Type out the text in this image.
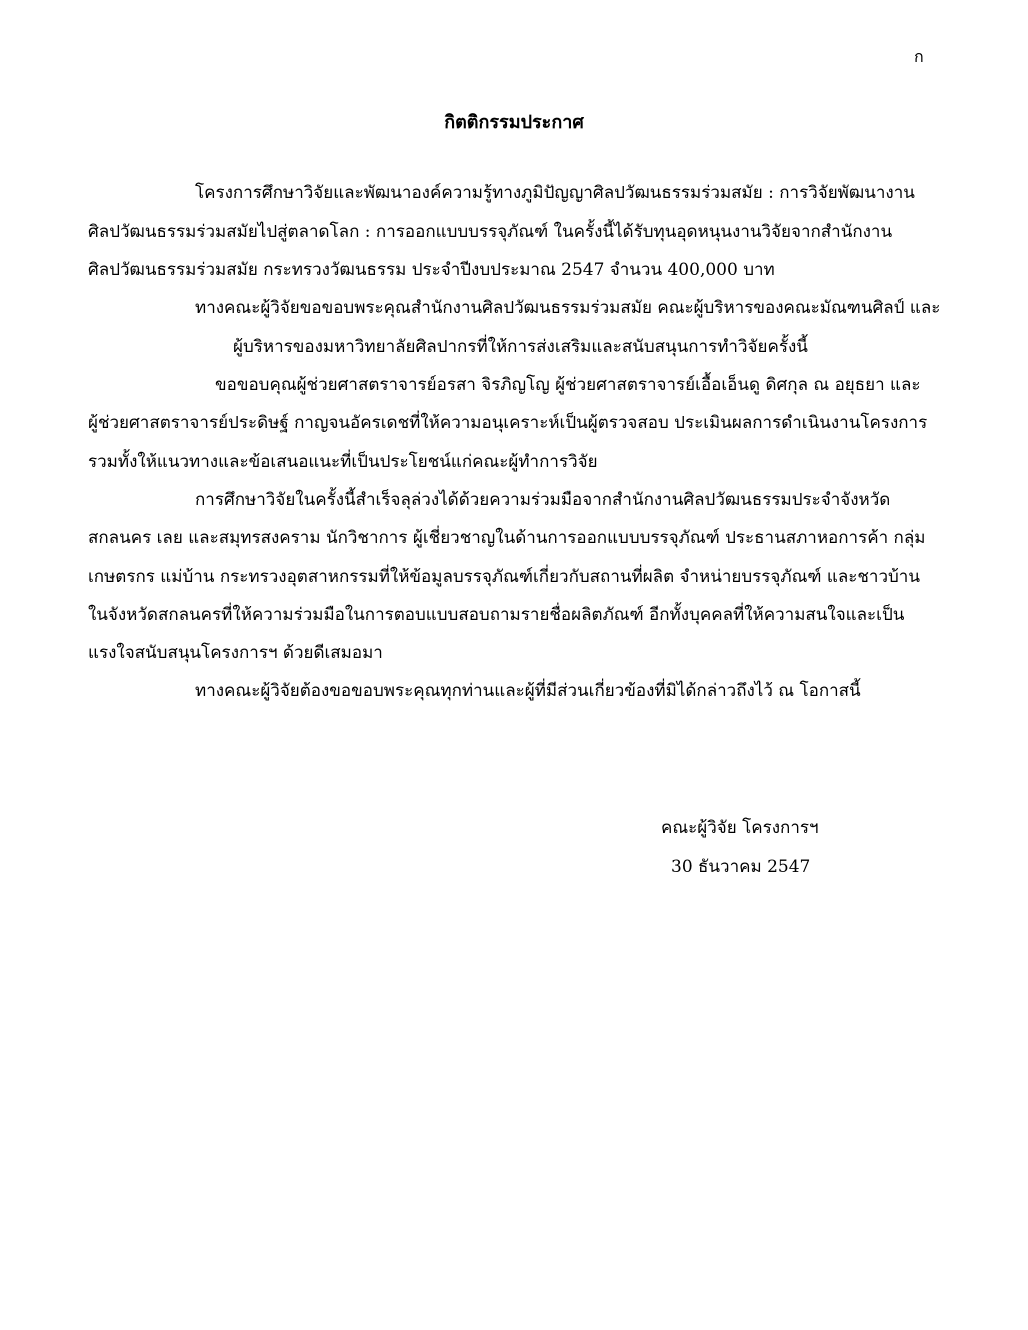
ก
กิตติกรรมประกาศ
โครงการศึกษาวิจัยและพัฒนาองค์ความรู้ทางภูมิปัญญาศิลปวัฒนธรรมร่วมสมัย : การวิจัยพัฒนางาน
ศิลปวัฒนธรรมร่วมสมัยไปสู่ตลาดโลก : การออกแบบบรรจุภัณฑ์ ในครั้งนี้ได้รับทุนอุดหนุนงานวิจัยจากสำนักงาน
ศิลปวัฒนธรรมร่วมสมัย กระทรวงวัฒนธรรม ประจำปีงบประมาณ 2547 จำนวน 400,000 บาท
ทางคณะผู้วิจัยขอขอบพระคุณสำนักงานศิลปวัฒนธรรมร่วมสมัย คณะผู้บริหารของคณะมัณฑนศิลป์ และ
ผู้บริหารของมหาวิทยาลัยศิลปากรที่ให้การส่งเสริมและสนับสนุนการทำวิจัยครั้งนี้
ขอขอบคุณผู้ช่วยศาสตราจารย์อรสา จิรภิญโญ ผู้ช่วยศาสตราจารย์เอื้อเอ็นดู ดิศกุล ณ อยุธยา และ
ผู้ช่วยศาสตราจารย์ประดิษฐ์ กาญจนอัครเดชที่ให้ความอนุเคราะห์เป็นผู้ตรวจสอบ ประเมินผลการดำเนินงานโครงการ
รวมทั้งให้แนวทางและข้อเสนอแนะที่เป็นประโยชน์แก่คณะผู้ทำการวิจัย
การศึกษาวิจัยในครั้งนี้สำเร็จลุล่วงได้ด้วยความร่วมมือจากสำนักงานศิลปวัฒนธรรมประจำจังหวัด
สกลนคร เลย และสมุทรสงคราม นักวิชาการ ผู้เชี่ยวชาญในด้านการออกแบบบรรจุภัณฑ์ ประธานสภาหอการค้า กลุ่ม
เกษตรกร แม่บ้าน กระทรวงอุตสาหกรรมที่ให้ข้อมูลบรรจุภัณฑ์เกี่ยวกับสถานที่ผลิต จำหน่ายบรรจุภัณฑ์ และชาวบ้าน
ในจังหวัดสกลนครที่ให้ความร่วมมือในการตอบแบบสอบถามรายชื่อผลิตภัณฑ์ อีกทั้งบุคคลที่ให้ความสนใจและเป็น
แรงใจสนับสนุนโครงการฯ ด้วยดีเสมอมา
ทางคณะผู้วิจัยต้องขอขอบพระคุณทุกท่านและผู้ที่มีส่วนเกี่ยวข้องที่มิได้กล่าวถึงไว้ ณ โอกาสนี้
คณะผู้วิจัย โครงการฯ
30 ธันวาคม 2547
